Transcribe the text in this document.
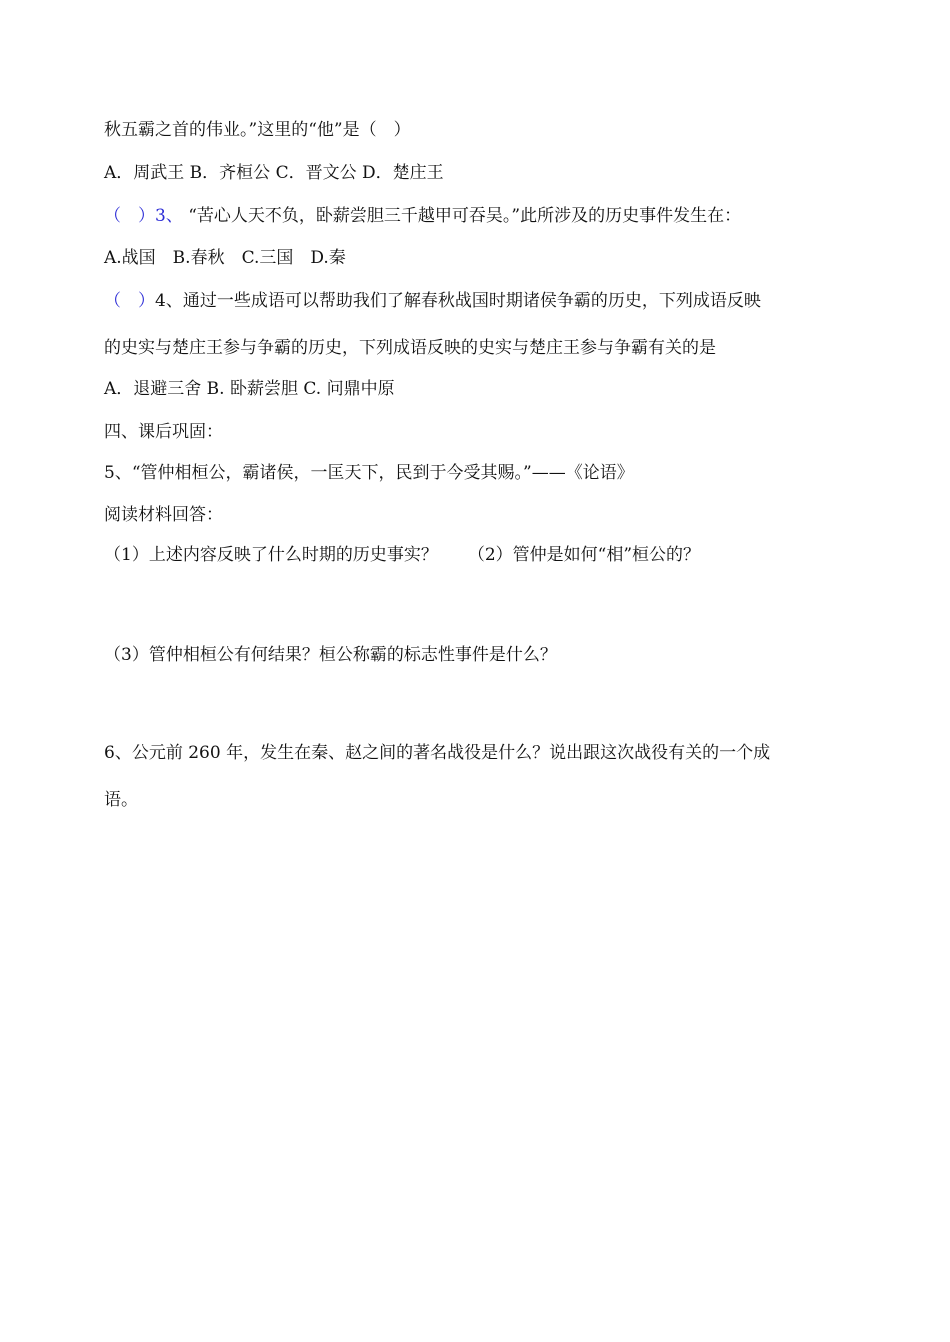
秋五霸之首的伟业。”这里的“他”是（　）
A．周武王 B．齐桓公 C．晋文公 D．楚庄王
（　）3、 “苦心人天不负，卧薪尝胆三千越甲可吞吴。”此所涉及的历史事件发生在：
A.战国　B.春秋　C.三国　D.秦
（　）4、通过一些成语可以帮助我们了解春秋战国时期诸侯争霸的历史，下列成语反映
的史实与楚庄王参与争霸的历史，下列成语反映的史实与楚庄王参与争霸有关的是
A．退避三舍 B. 卧薪尝胆 C. 问鼎中原
四、课后巩固：
5、“管仲相桓公，霸诸侯，一匡天下，民到于今受其赐。”——《论语》
阅读材料回答：
（1）上述内容反映了什么时期的历史事实？ （2）管仲是如何“相”桓公的？
（3）管仲相桓公有何结果？桓公称霸的标志性事件是什么？
6、公元前 260 年，发生在秦、赵之间的著名战役是什么？说出跟这次战役有关的一个成
语。
